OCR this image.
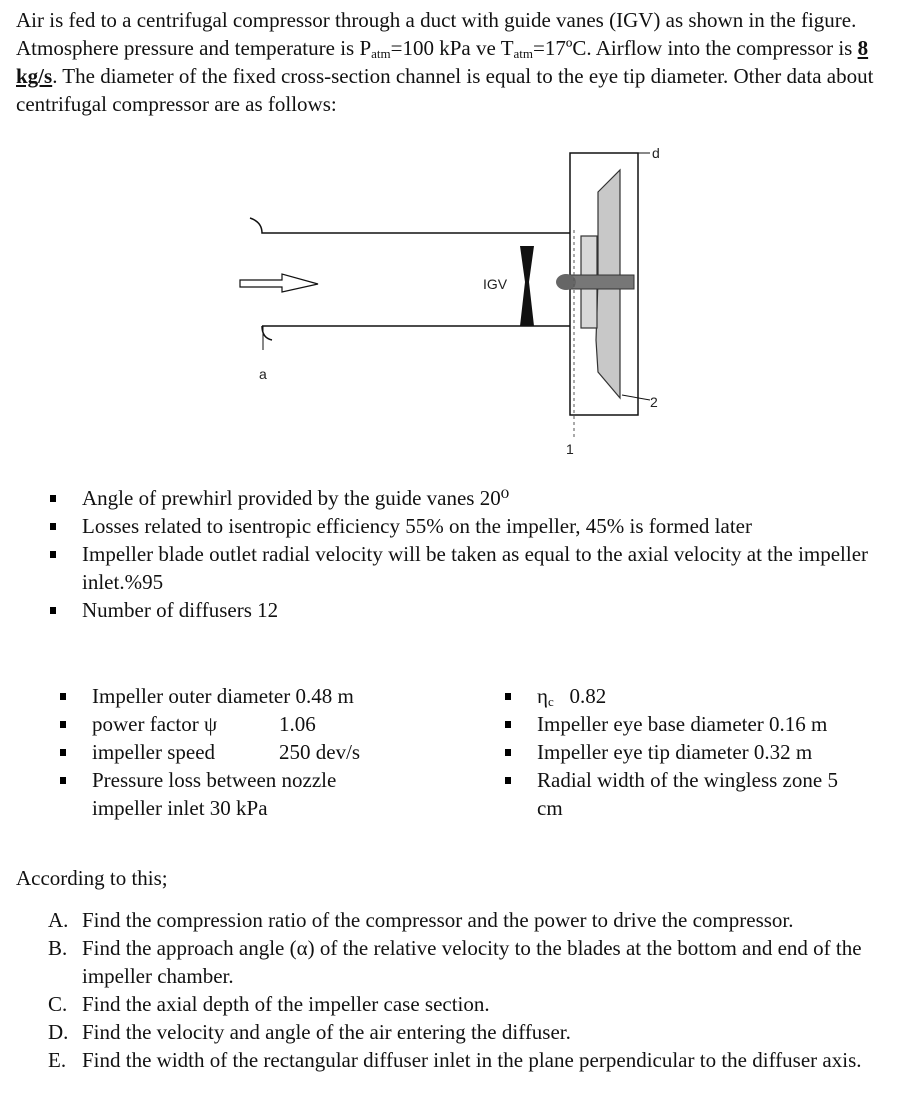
Air is fed to a centrifugal compressor through a duct with guide vanes (IGV) as shown in the figure. Atmosphere pressure and temperature is $P_{atm}=100$ kPa ve $T_{atm}=17ºC$. Airflow into the compressor is 8 kg/s. The diameter of the fixed cross-section channel is equal to the eye tip diameter. Other data about centrifugal compressor are as follows:

IGV
a
d
1
2
Angle of prewhirl provided by the guide vanes 20⁰
Losses related to isentropic efficiency 55% on the impeller, 45% is formed later
Impeller blade outlet radial velocity will be taken as equal to the axial velocity at the impeller inlet.%95
Number of diffusers 12
Impeller outer diameter 0.48 m
power factor ψ	1.06
impeller speed	250 dev/s
Pressure loss between nozzle impeller inlet 30 kPa
$\eta_c$ 0.82
Impeller eye base diameter 0.16 m
Impeller eye tip diameter 0.32 m
Radial width of the wingless zone 5 cm

According to this;

A. Find the compression ratio of the compressor and the power to drive the compressor.
B. Find the approach angle (α) of the relative velocity to the blades at the bottom and end of the impeller chamber.
C. Find the axial depth of the impeller case section.
D. Find the velocity and angle of the air entering the diffuser.
E. Find the width of the rectangular diffuser inlet in the plane perpendicular to the diffuser axis.
